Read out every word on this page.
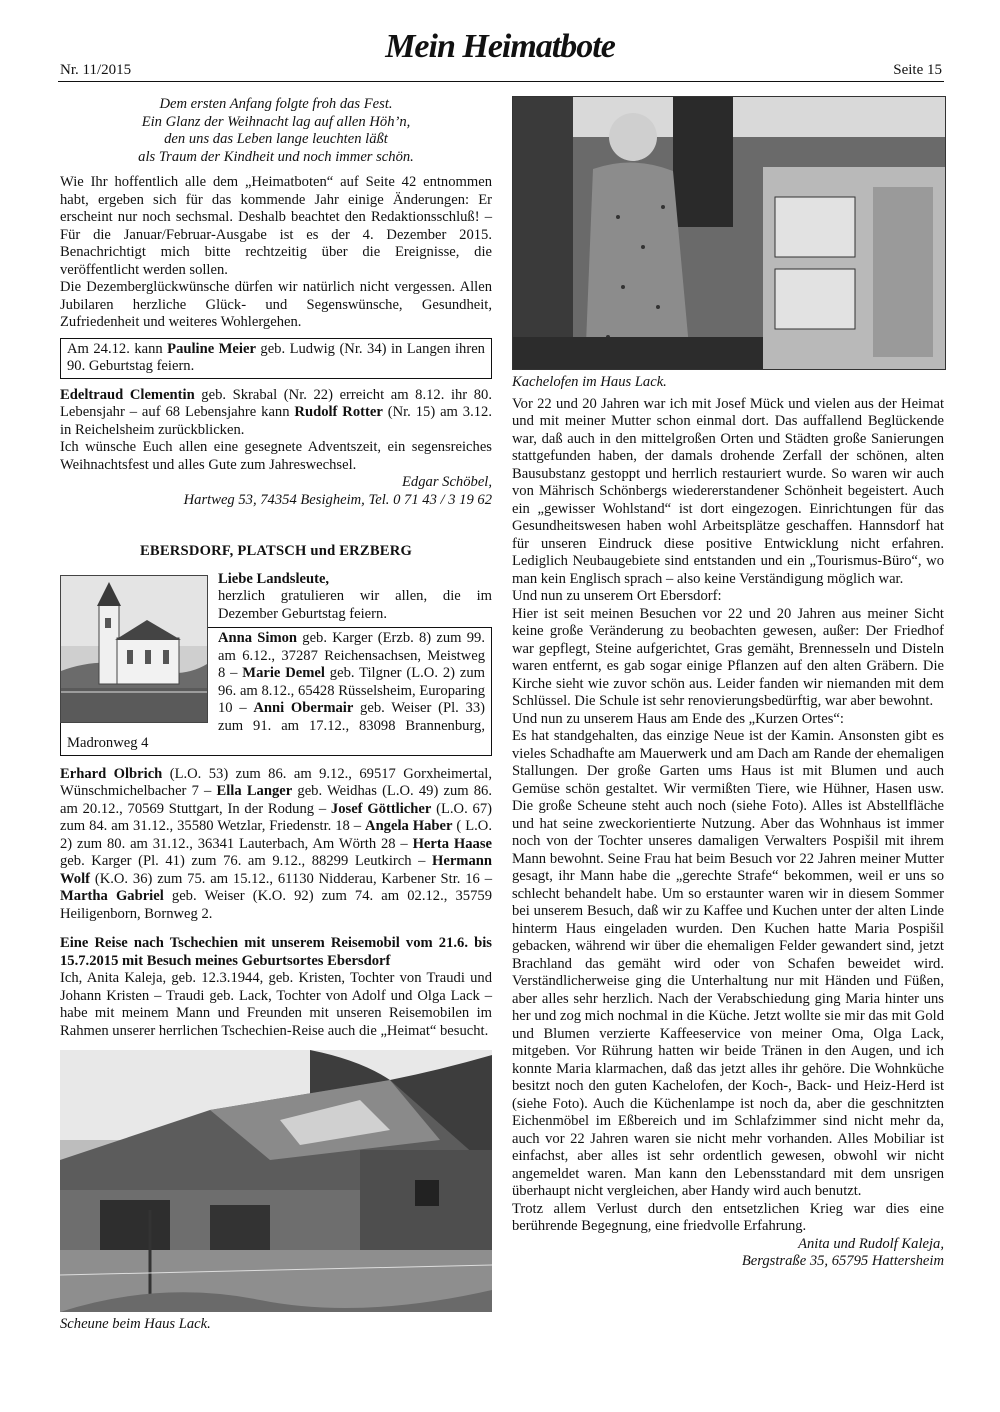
Nr. 11/2015
Mein Heimatbote
Seite 15
Dem ersten Anfang folgte froh das Fest.
Ein Glanz der Weihnacht lag auf allen Höh’n,
den uns das Leben lange leuchten läßt
als Traum der Kindheit und noch immer schön.

Wie Ihr hoffentlich alle dem „Heimatboten“ auf Seite 42 entnommen habt, ergeben sich für das kommende Jahr einige Änderungen: Er erscheint nur noch sechsmal. Deshalb beachtet den Redaktionsschluß! – Für die Januar/Februar-Ausgabe ist es der 4. Dezember 2015. Benachrichtigt mich bitte rechtzeitig über die Ereignisse, die veröffentlicht werden sollen.

Die Dezemberglückwünsche dürfen wir natürlich nicht vergessen. Allen Jubilaren herzliche Glück- und Segenswünsche, Gesundheit, Zufriedenheit und weiteres Wohlergehen.

Am 24.12. kann Pauline Meier geb. Ludwig (Nr. 34) in Langen ihren 90. Geburtstag feiern.

Edeltraud Clementin geb. Skrabal (Nr. 22) erreicht am 8.12. ihr 80. Lebensjahr – auf 68 Lebensjahre kann Rudolf Rotter (Nr. 15) am 3.12. in Reichelsheim zurückblicken.

Ich wünsche Euch allen eine gesegnete Adventszeit, ein segensreiches Weihnachtsfest und alles Gute zum Jahreswechsel.

Edgar Schöbel,
Hartweg 53, 74354 Besigheim, Tel. 0 71 43 / 3 19 62
EBERSDORF, PLATSCH und ERZBERG
Liebe Landsleute,

herzlich gratulieren wir allen, die im Dezember Geburtstag feiern.

Anna Simon geb. Karger (Erzb. 8) zum 99. am 6.12., 37287 Reichensachsen, Meistweg 8 – Marie Demel geb. Tilgner (L.O. 2) zum 96. am 8.12., 65428 Rüsselsheim, Europaring 10 – Anni Obermair geb. Weiser (Pl. 33) zum 91. am 17.12., 83098 Brannenburg, Madronweg 4

Erhard Olbrich (L.O. 53) zum 86. am 9.12., 69517 Gorxheimertal, Wünschmichelbacher 7 – Ella Langer geb. Weidhas (L.O. 49) zum 86. am 20.12., 70569 Stuttgart, In der Rodung – Josef Göttlicher (L.O. 67) zum 84. am 31.12., 35580 Wetzlar, Friedenstr. 18 – Angela Haber ( L.O. 2) zum 80. am 31.12., 36341 Lauterbach, Am Wörth 28 – Herta Haase geb. Karger (Pl. 41) zum 76. am 9.12., 88299 Leutkirch – Hermann Wolf (K.O. 36) zum 75. am 15.12., 61130 Nidderau, Karbener Str. 16 – Martha Gabriel geb. Weiser (K.O. 92) zum 74. am 02.12., 35759 Heiligenborn, Bornweg 2.

Eine Reise nach Tschechien mit unserem Reisemobil vom 21.6. bis 15.7.2015 mit Besuch meines Geburtsortes Ebersdorf

Ich, Anita Kaleja, geb. 12.3.1944, geb. Kristen, Tochter von Traudi und Johann Kristen – Traudi geb. Lack, Tochter von Adolf und Olga Lack – habe mit meinem Mann und Freunden mit unseren Reisemobilen im Rahmen unserer herrlichen Tschechien-Reise auch die „Heimat“ besucht.

Scheune beim Haus Lack.
Kachelofen im Haus Lack.

Vor 22 und 20 Jahren war ich mit Josef Mück und vielen aus der Heimat und mit meiner Mutter schon einmal dort. Das auffallend Beglückende war, daß auch in den mittelgroßen Orten und Städten große Sanierungen stattgefunden haben, der damals drohende Zerfall der schönen, alten Bausubstanz gestoppt und herrlich restauriert wurde. So waren wir auch von Mährisch Schönbergs wiedererstandener Schönheit begeistert. Auch ein „gewisser Wohlstand“ ist dort eingezogen. Einrichtungen für das Gesundheitswesen haben wohl Arbeitsplätze geschaffen. Hannsdorf hat für unseren Eindruck diese positive Entwicklung nicht erfahren. Lediglich Neubaugebiete sind entstanden und ein „Tourismus-Büro“, wo man kein Englisch sprach – also keine Verständigung möglich war.

Und nun zu unserem Ort Ebersdorf:

Hier ist seit meinen Besuchen vor 22 und 20 Jahren aus meiner Sicht keine große Veränderung zu beobachten gewesen, außer: Der Friedhof war gepflegt, Steine aufgerichtet, Gras gemäht, Brennesseln und Disteln waren entfernt, es gab sogar einige Pflanzen auf den alten Gräbern. Die Kirche sieht wie zuvor schön aus. Leider fanden wir niemanden mit dem Schlüssel. Die Schule ist sehr renovierungsbedürftig, war aber bewohnt.

Und nun zu unserem Haus am Ende des „Kurzen Ortes“:

Es hat standgehalten, das einzige Neue ist der Kamin. Ansonsten gibt es vieles Schadhafte am Mauerwerk und am Dach am Rande der ehemaligen Stallungen. Der große Garten ums Haus ist mit Blumen und auch Gemüse schön gestaltet. Wir vermißten Tiere, wie Hühner, Hasen usw. Die große Scheune steht auch noch (siehe Foto). Alles ist Abstellfläche und hat seine zweckorientierte Nutzung. Aber das Wohnhaus ist immer noch von der Tochter unseres damaligen Verwalters Pospišil mit ihrem Mann bewohnt. Seine Frau hat beim Besuch vor 22 Jahren meiner Mutter gesagt, ihr Mann habe die „gerechte Strafe“ bekommen, weil er uns so schlecht behandelt habe. Um so erstaunter waren wir in diesem Sommer bei unserem Besuch, daß wir zu Kaffee und Kuchen unter der alten Linde hinterm Haus eingeladen wurden. Den Kuchen hatte Maria Pospišil gebacken, während wir über die ehemaligen Felder gewandert sind, jetzt Brachland das gemäht wird oder von Schafen beweidet wird. Verständlicherweise ging die Unterhaltung nur mit Händen und Füßen, aber alles sehr herzlich. Nach der Verabschiedung ging Maria hinter uns her und zog mich nochmal in die Küche. Jetzt wollte sie mir das mit Gold und Blumen verzierte Kaffeeservice von meiner Oma, Olga Lack, mitgeben. Vor Rührung hatten wir beide Tränen in den Augen, und ich konnte Maria klarmachen, daß das jetzt alles ihr gehöre. Die Wohnküche besitzt noch den guten Kachelofen, der Koch-, Back- und Heiz-Herd ist (siehe Foto). Auch die Küchenlampe ist noch da, aber die geschnitzten Eichenmöbel im Eßbereich und im Schlafzimmer sind nicht mehr da, auch vor 22 Jahren waren sie nicht mehr vorhanden. Alles Mobiliar ist einfachst, aber alles ist sehr ordentlich gewesen, obwohl wir nicht angemeldet waren. Man kann den Lebensstandard mit dem unsrigen überhaupt nicht vergleichen, aber Handy wird auch benutzt.

Trotz allem Verlust durch den entsetzlichen Krieg war dies eine berührende Begegnung, eine friedvolle Erfahrung.

Anita und Rudolf Kaleja,
Bergstraße 35, 65795 Hattersheim
